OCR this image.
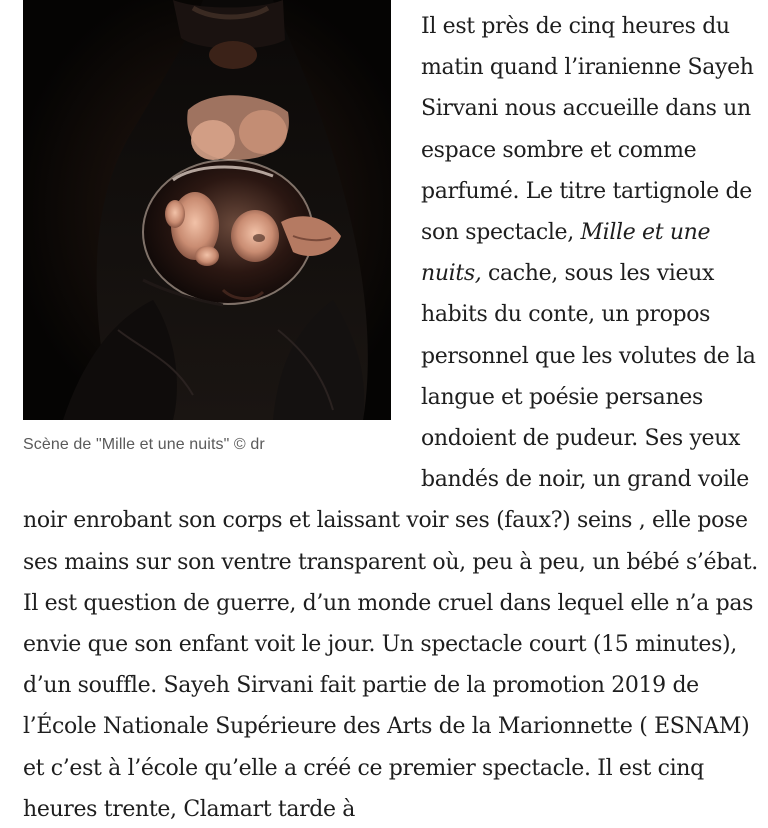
Il est près de cinq heures du matin quand l’iranienne Sayeh Sirvani nous accueille dans un espace sombre et comme parfumé. Le titre tartignole de son spectacle, Mille et une nuits, cache, sous les vieux habits du conte, un propos personnel que les volutes de la langue et poésie persanes ondoient de pudeur. Ses yeux bandés de noir, un grand voile noir enrobant son corps et laissant voir ses (faux?) seins , elle pose ses mains sur son ventre transparent où, peu à peu, un bébé s’ébat. Il est question de guerre, d’un monde cruel dans lequel elle n’a pas envie que son enfant voit le jour. Un spectacle court (15 minutes), d’un souffle. Sayeh Sirvani fait partie de la promotion 2019 de l’École Nationale Supérieure des Arts de la Marionnette ( ESNAM) et c’est à l’école qu’elle a créé ce premier spectacle. Il est cinq heures trente, Clamart tarde à

Scène de "Mille et une nuits" © dr
